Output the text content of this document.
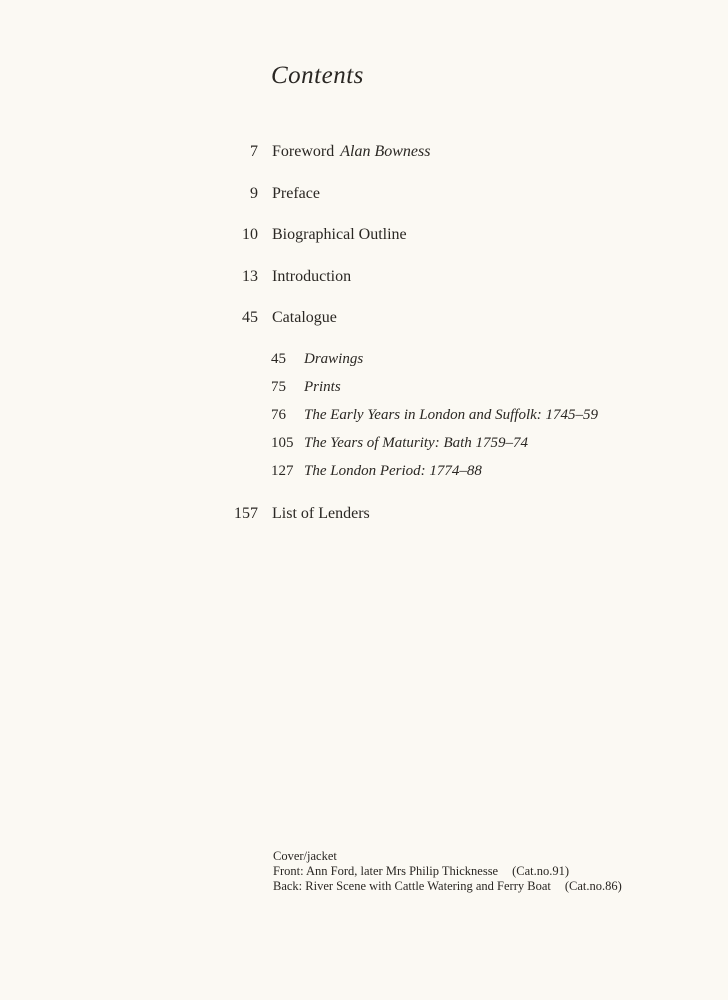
Contents
7 Foreword Alan Bowness
9 Preface
10 Biographical Outline
13 Introduction
45 Catalogue
45 Drawings
75 Prints
76 The Early Years in London and Suffolk: 1745–59
105 The Years of Maturity: Bath 1759–74
127 The London Period: 1774–88
157 List of Lenders
Cover/jacket
Front: Ann Ford, later Mrs Philip Thicknesse (Cat.no.91)
Back: River Scene with Cattle Watering and Ferry Boat (Cat.no.86)
